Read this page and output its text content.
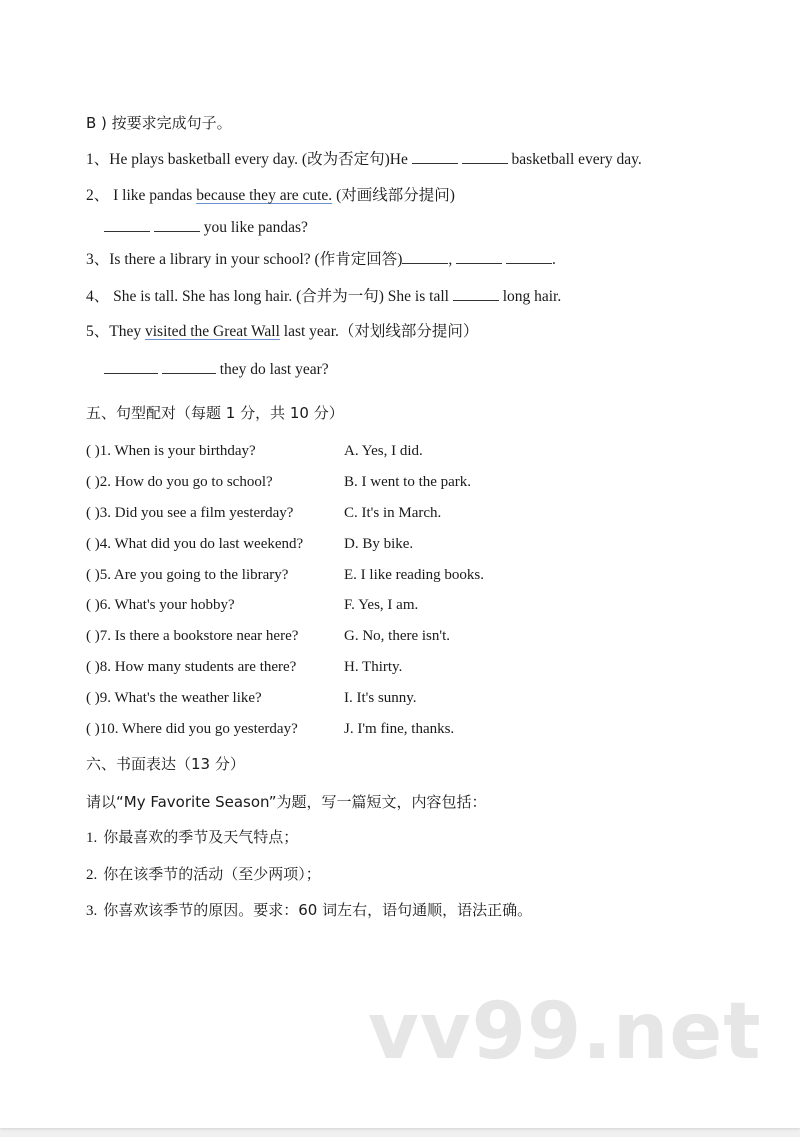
B ) 按要求完成句子。
1、He plays basketball every day. (改为否定句)He	basketball every day.
2、 I like pandas because they are cute. (对画线部分提问)
you like pandas?
3、Is there a library in your school? (作肯定回答)	,	.
4、 She is tall. She has long hair. (合并为一句) She is tall	long hair.
5、They visited the Great Wall last year.（对划线部分提问）
they do last year?
五、句型配对（每题 1 分，共 10 分）
( )1. When is your birthday?	A. Yes, I did.
( )2. How do you go to school?	B. I went to the park.
( )3. Did you see a film yesterday?	C. It's in March.
( )4. What did you do last weekend?	D. By bike.
( )5. Are you going to the library?	E. I like reading books.
( )6. What's your hobby?	F. Yes, I am.
( )7. Is there a bookstore near here?	G. No, there isn't.
( )8. How many students are there?	H. Thirty.
( )9. What's the weather like?	I. It's sunny.
( )10. Where did you go yesterday?	J. I'm fine, thanks.
六、书面表达（13 分）
请以“My Favorite Season”为题，写一篇短文，内容包括：
1. 你最喜欢的季节及天气特点；
2. 你在该季节的活动（至少两项）；
3. 你喜欢该季节的原因。要求：60 词左右，语句通顺，语法正确。
vv99.net
